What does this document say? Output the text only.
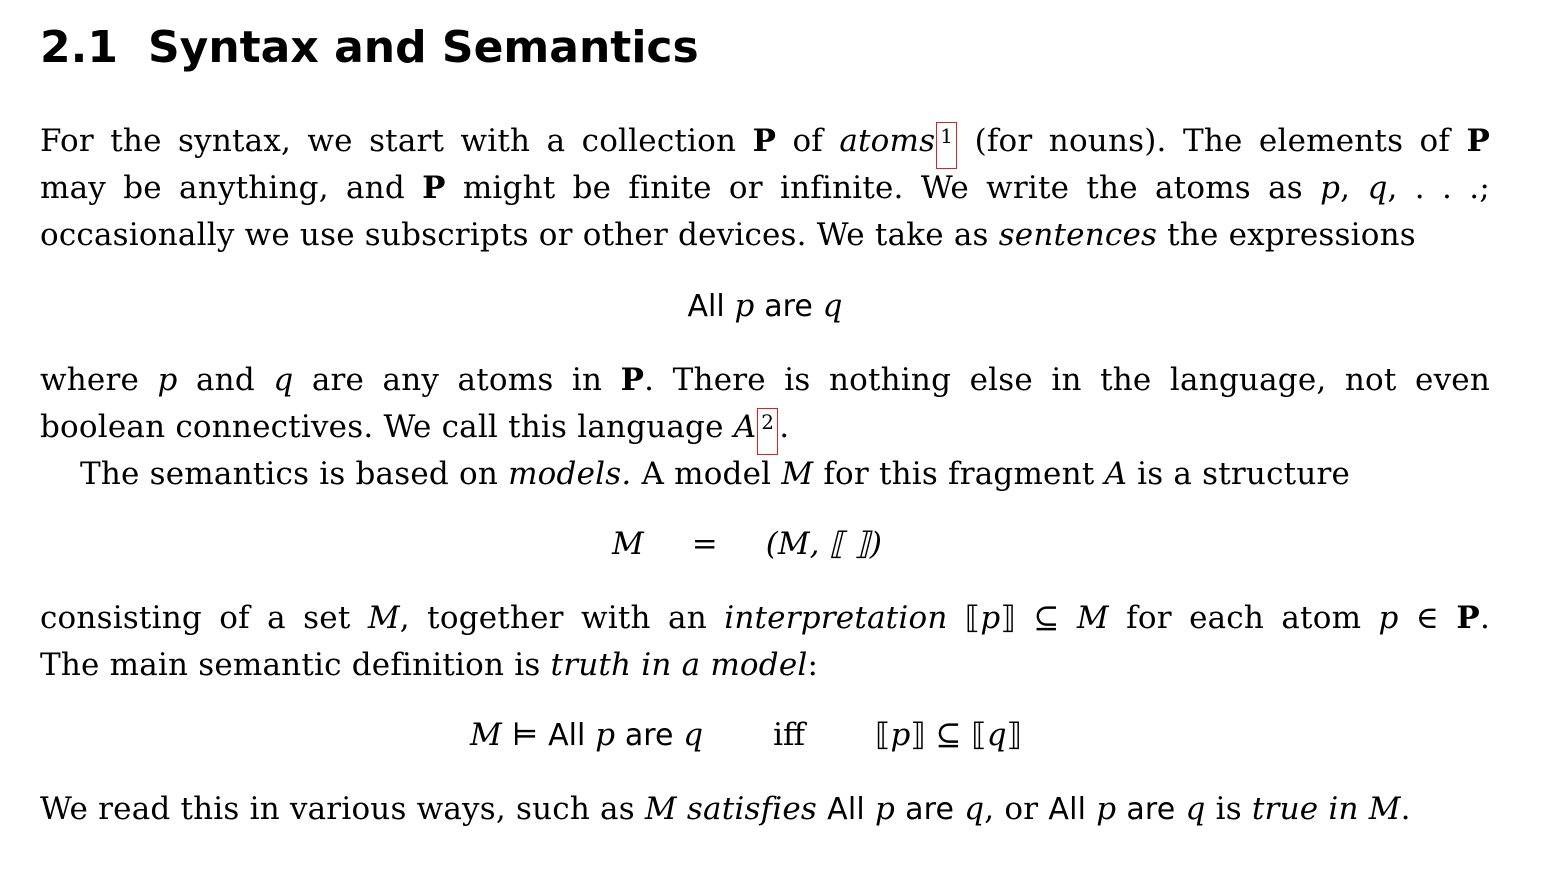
2.1 Syntax and Semantics

For the syntax, we start with a collection P of atoms 1 (for nouns). The elements of P

may be anything, and P might be finite or infinite. We write the atoms as p, q, . . .;

occasionally we use subscripts or other devices. We take as sentences the expressions

All p are q

where p and q are any atoms in P. There is nothing else in the language, not even

boolean connectives. We call this language A 2 .

The semantics is based on models. A model M for this fragment A is a structure

M = (M, ⟦ ⟧)

consisting of a set M, together with an interpretation ⟦p⟧ ⊆ M for each atom p ∈ P.

The main semantic definition is truth in a model:

M ⊨ All p are q iff ⟦p⟧ ⊆ ⟦q⟧

We read this in various ways, such as M satisfies All p are q, or All p are q is true in M.
